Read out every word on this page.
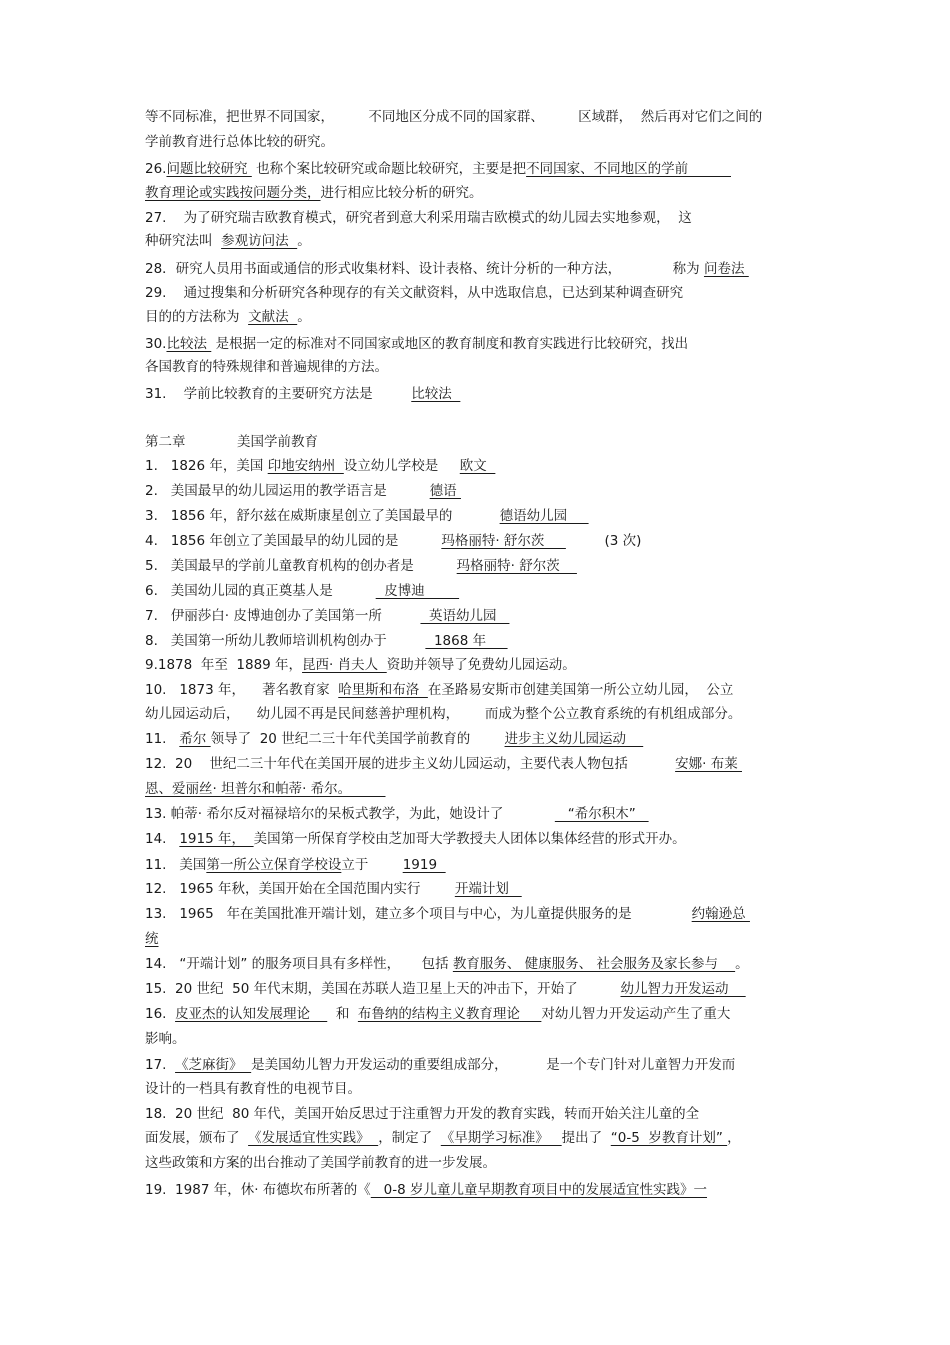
等不同标准，把世界不同国家，        不同地区分成不同的国家群、        区域群，  然后再对它们之间的
学前教育进行总体比较的研究。
26.问题比较研究  也称个案比较研究或命题比较研究，主要是把不同国家、不同地区的学前
教育理论或实践按问题分类，进行相应比较分析的研究。
27.    为了研究瑞吉欧教育模式，研究者到意大利采用瑞吉欧模式的幼儿园去实地参观，  这
种研究法叫  参观访问法  。
28．研究人员用书面或通信的形式收集材料、设计表格、统计分析的一种方法，            称为 问卷法
29.    通过搜集和分析研究各种现存的有关文献资料，从中选取信息，已达到某种调查研究
目的的方法称为  文献法  。
30.比较法  是根据一定的标准对不同国家或地区的教育制度和教育实践进行比较研究，找出
各国教育的特殊规律和普遍规律的方法。
31.    学前比较教育的主要研究方法是         比较法
第二章            美国学前教育
1.   1826 年，美国 印地安纳州  设立幼儿学校是     欧文
2.   美国最早的幼儿园运用的教学语言是          德语
3.   1856 年，舒尔兹在威斯康星创立了美国最早的           德语幼儿园
4.   1856 年创立了美国最早的幼儿园的是          玛格丽特· 舒尔茨              (3 次)
5.   美国最早的学前儿童教育机构的创办者是          玛格丽特· 舒尔茨
6.   美国幼儿园的真正奠基人是            皮博迪
7.   伊丽莎白· 皮博迪创办了美国第一所           英语幼儿园
8.   美国第一所幼儿教师培训机构创办于           1868 年
9.1878  年至  1889 年，昆西· 肖夫人  资助并领导了免费幼儿园运动。
10.   1873 年，    著名教育家  哈里斯和布洛  在圣路易安斯市创建美国第一所公立幼儿园，  公立
幼儿园运动后，    幼儿园不再是民间慈善护理机构，      而成为整个公立教育系统的有机组成部分。
11.   希尔 领导了  20 世纪二三十年代美国学前教育的        进步主义幼儿园运动
12.  20    世纪二三十年代在美国开展的进步主义幼儿园运动，主要代表人物包括           安娜· 布莱
恩、爱丽丝· 坦普尔和帕蒂· 希尔。
13. 帕蒂· 希尔反对福禄培尔的呆板式教学，为此，她设计了               “希尔积木”
14.   1915 年，  美国第一所保育学校由芝加哥大学教授夫人团体以集体经营的形式开办。
11.   美国第一所公立保育学校设立于        1919
12.   1965 年秋，美国开始在全国范围内实行        开端计划
13.   1965   年在美国批准开端计划，建立多个项目与中心，为儿童提供服务的是              约翰逊总
统
14.   “开端计划” 的服务项目具有多样性，     包括 教育服务、 健康服务、 社会服务及家长参与    。
15.  20 世纪  50 年代末期，美国在苏联人造卫星上天的冲击下，开始了          幼儿智力开发运动
16.  皮亚杰的认知发展理论      和  布鲁纳的结构主义教育理论     对幼儿智力开发运动产生了重大
影响。
17.  《芝麻街》  是美国幼儿智力开发运动的重要组成部分，         是一个专门针对儿童智力开发而
设计的一档具有教育性的电视节目。
18.  20 世纪  80 年代，美国开始反思过于注重智力开发的教育实践，转而开始关注儿童的全
面发展，颁布了  《发展适宜性实践》  ，制定了  《早期学习标准》   提出了  “0-5  岁教育计划” ，
这些政策和方案的出台推动了美国学前教育的进一步发展。
19.  1987 年，休· 布德坎布所著的《   0-8 岁儿童儿童早期教育项目中的发展适宜性实践》一
